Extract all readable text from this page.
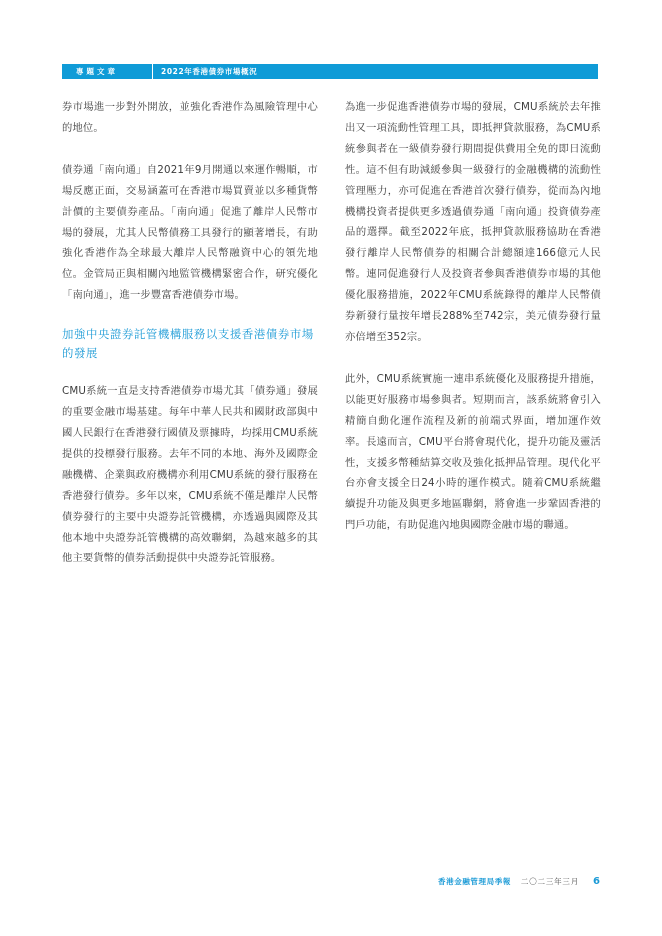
專題文章	2022年香港債券市場概況

券市場進一步對外開放，並強化香港作為風險管理中心的地位。

債券通「南向通」自2021年9月開通以來運作暢順，市場反應正面，交易涵蓋可在香港市場買賣並以多種貨幣計價的主要債券產品。「南向通」促進了離岸人民幣市場的發展，尤其人民幣債務工具發行的顯著增長，有助強化香港作為全球最大離岸人民幣融資中心的領先地位。金管局正與相關內地監管機構緊密合作，研究優化「南向通」，進一步豐富香港債券市場。

加強中央證券託管機構服務以支援香港債券市場的發展

CMU系統一直是支持香港債券市場尤其「債券通」發展的重要金融市場基建。每年中華人民共和國財政部與中國人民銀行在香港發行國債及票據時，均採用CMU系統提供的投標發行服務。去年不同的本地、海外及國際金融機構、企業與政府機構亦利用CMU系統的發行服務在香港發行債券。多年以來，CMU系統不僅是離岸人民幣債券發行的主要中央證券託管機構，亦透過與國際及其他本地中央證券託管機構的高效聯網，為越來越多的其他主要貨幣的債券活動提供中央證券託管服務。

為進一步促進香港債券市場的發展，CMU系統於去年推出又一項流動性管理工具，即抵押貸款服務，為CMU系統參與者在一級債券發行期間提供費用全免的即日流動性。這不但有助減緩參與一級發行的金融機構的流動性管理壓力，亦可促進在香港首次發行債券，從而為內地機構投資者提供更多透過債券通「南向通」投資債券產品的選擇。截至2022年底，抵押貸款服務協助在香港發行離岸人民幣債券的相關合計總額達166億元人民幣。連同促進發行人及投資者參與香港債券市場的其他優化服務措施，2022年CMU系統錄得的離岸人民幣債券新發行量按年增長288%至742宗，美元債券發行量亦倍增至352宗。

此外，CMU系統實施一連串系統優化及服務提升措施，以能更好服務市場參與者。短期而言，該系統將會引入精簡自動化運作流程及新的前端式界面，增加運作效率。長遠而言，CMU平台將會現代化，提升功能及靈活性，支援多幣種結算交收及強化抵押品管理。現代化平台亦會支援全日24小時的運作模式。隨着CMU系統繼續提升功能及與更多地區聯網，將會進一步鞏固香港的門戶功能，有助促進內地與國際金融市場的聯通。

香港金融管理局季報 二〇二三年三月 6
